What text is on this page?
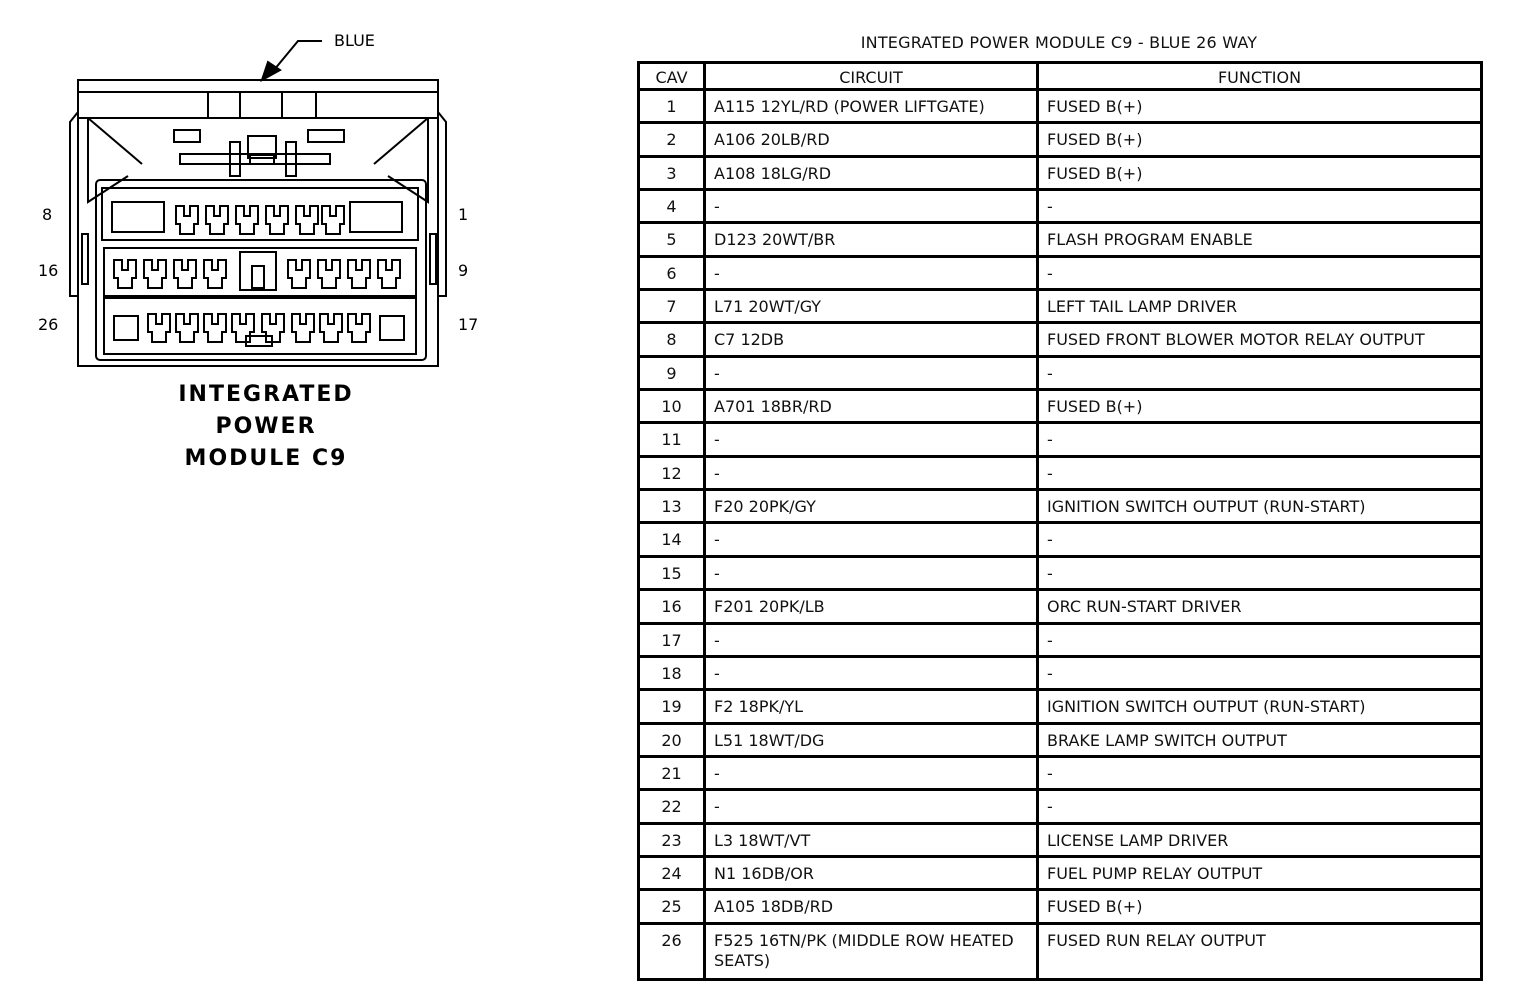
BLUE
8	1
16	9
26	17
INTEGRATED
POWER
MODULE C9
INTEGRATED POWER MODULE C9 - BLUE 26 WAY
CAV	CIRCUIT	FUNCTION
1	A115 12YL/RD (POWER LIFTGATE)	FUSED B(+)
2	A106 20LB/RD	FUSED B(+)
3	A108 18LG/RD	FUSED B(+)
4	-	-
5	D123 20WT/BR	FLASH PROGRAM ENABLE
6	-	-
7	L71 20WT/GY	LEFT TAIL LAMP DRIVER
8	C7 12DB	FUSED FRONT BLOWER MOTOR RELAY OUTPUT
9	-	-
10	A701 18BR/RD	FUSED B(+)
11	-	-
12	-	-
13	F20 20PK/GY	IGNITION SWITCH OUTPUT (RUN-START)
14	-	-
15	-	-
16	F201 20PK/LB	ORC RUN-START DRIVER
17	-	-
18	-	-
19	F2 18PK/YL	IGNITION SWITCH OUTPUT (RUN-START)
20	L51 18WT/DG	BRAKE LAMP SWITCH OUTPUT
21	-	-
22	-	-
23	L3 18WT/VT	LICENSE LAMP DRIVER
24	N1 16DB/OR	FUEL PUMP RELAY OUTPUT
25	A105 18DB/RD	FUSED B(+)
26	F525 16TN/PK (MIDDLE ROW HEATED SEATS)	FUSED RUN RELAY OUTPUT
